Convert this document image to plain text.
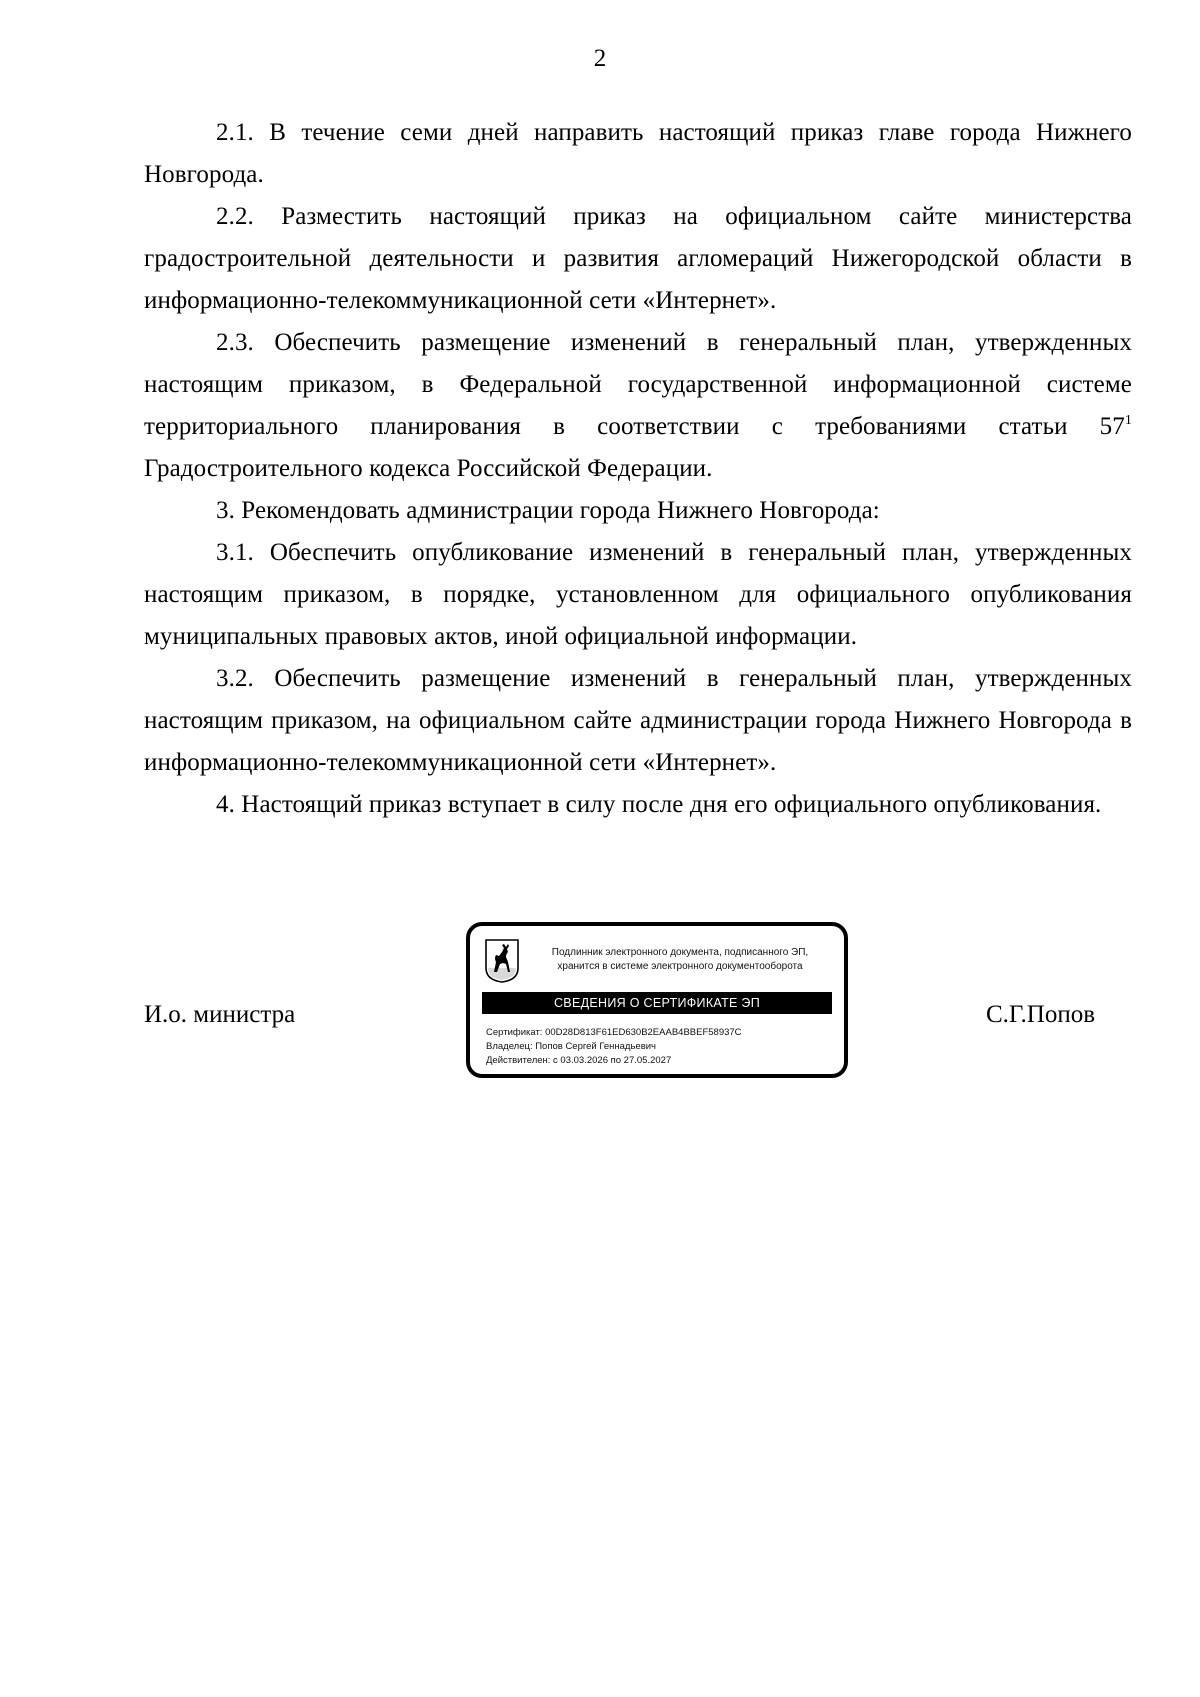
2

2.1. В течение семи дней направить настоящий приказ главе города Нижнего Новгорода.

2.2. Разместить настоящий приказ на официальном сайте министерства градостроительной деятельности и развития агломераций Нижегородской области в информационно-телекоммуникационной сети «Интернет».

2.3. Обеспечить размещение изменений в генеральный план, утвержденных настоящим приказом, в Федеральной государственной информационной системе территориального планирования в соответствии с требованиями статьи $57^1$ Градостроительного кодекса Российской Федерации.

3. Рекомендовать администрации города Нижнего Новгорода:

3.1. Обеспечить опубликование изменений в генеральный план, утвержденных настоящим приказом, в порядке, установленном для официального опубликования муниципальных правовых актов, иной официальной информации.

3.2. Обеспечить размещение изменений в генеральный план, утвержденных настоящим приказом, на официальном сайте администрации города Нижнего Новгорода в информационно-телекоммуникационной сети «Интернет».

4. Настоящий приказ вступает в силу после дня его официального опубликования.

И.о. министра	С.Г.Попов
Подлинник электронного документа, подписанного ЭП,
хранится в системе электронного документооборота
СВЕДЕНИЯ О СЕРТИФИКАТЕ ЭП
Сертификат: 00D28D813F61ED630B2EAAB4BBEF58937C
Владелец: Попов Сергей Геннадьевич
Действителен: с 03.03.2026 по 27.05.2027
